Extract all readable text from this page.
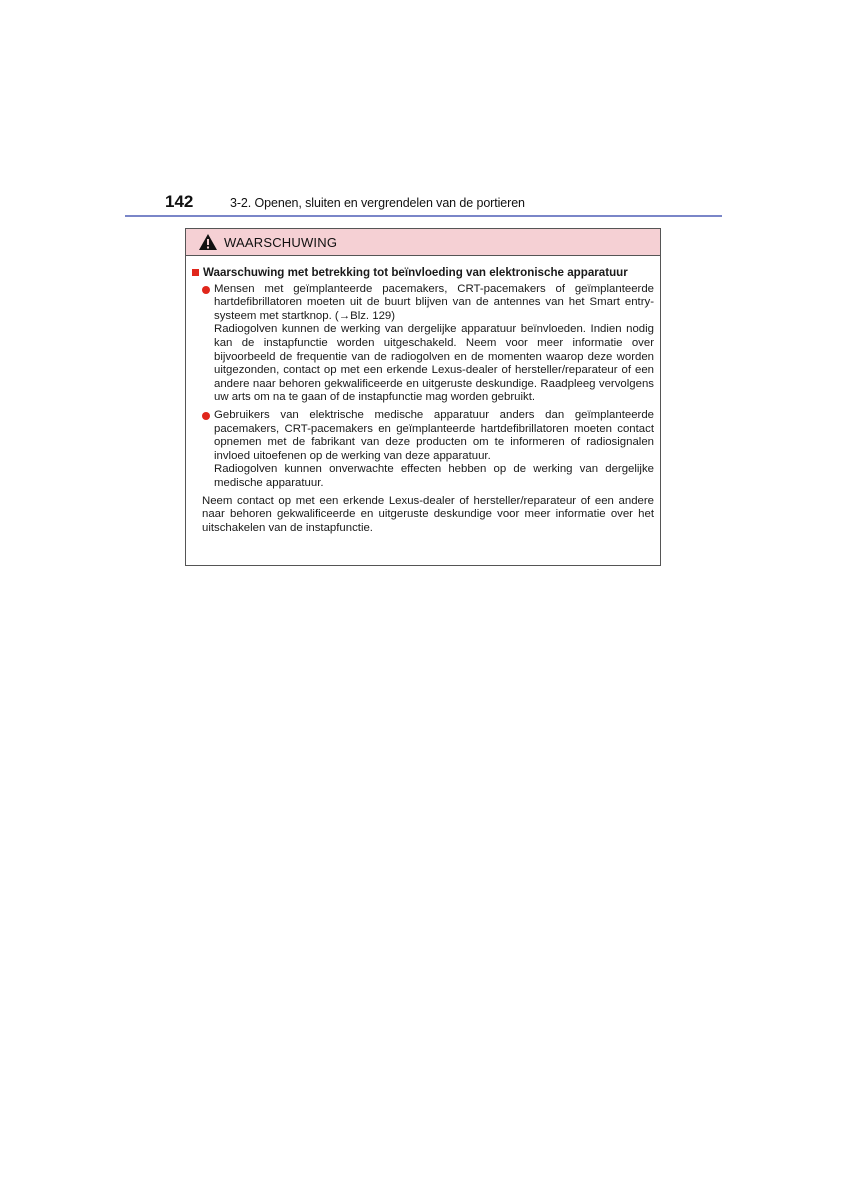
142	3-2. Openen, sluiten en vergrendelen van de portieren
WAARSCHUWING
Waarschuwing met betrekking tot beïnvloeding van elektronische apparatuur
Mensen met geïmplanteerde pacemakers, CRT-pacemakers of geïmplanteerde hartdefibrillatoren moeten uit de buurt blijven van de antennes van het Smart entry-systeem met startknop. (→Blz. 129)
Radiogolven kunnen de werking van dergelijke apparatuur beïnvloeden. Indien nodig kan de instapfunctie worden uitgeschakeld. Neem voor meer informatie over bijvoorbeeld de frequentie van de radiogolven en de momenten waarop deze worden uitgezonden, contact op met een erkende Lexus-dealer of hersteller/reparateur of een andere naar behoren gekwalificeerde en uitgeruste deskundige. Raadpleeg vervolgens uw arts om na te gaan of de instapfunctie mag worden gebruikt.
Gebruikers van elektrische medische apparatuur anders dan geïmplanteerde pacemakers, CRT-pacemakers en geïmplanteerde hartdefibrillatoren moeten contact opnemen met de fabrikant van deze producten om te informeren of radiosignalen invloed uitoefenen op de werking van deze apparatuur.
Radiogolven kunnen onverwachte effecten hebben op de werking van dergelijke medische apparatuur.
Neem contact op met een erkende Lexus-dealer of hersteller/reparateur of een andere naar behoren gekwalificeerde en uitgeruste deskundige voor meer informatie over het uitschakelen van de instapfunctie.
